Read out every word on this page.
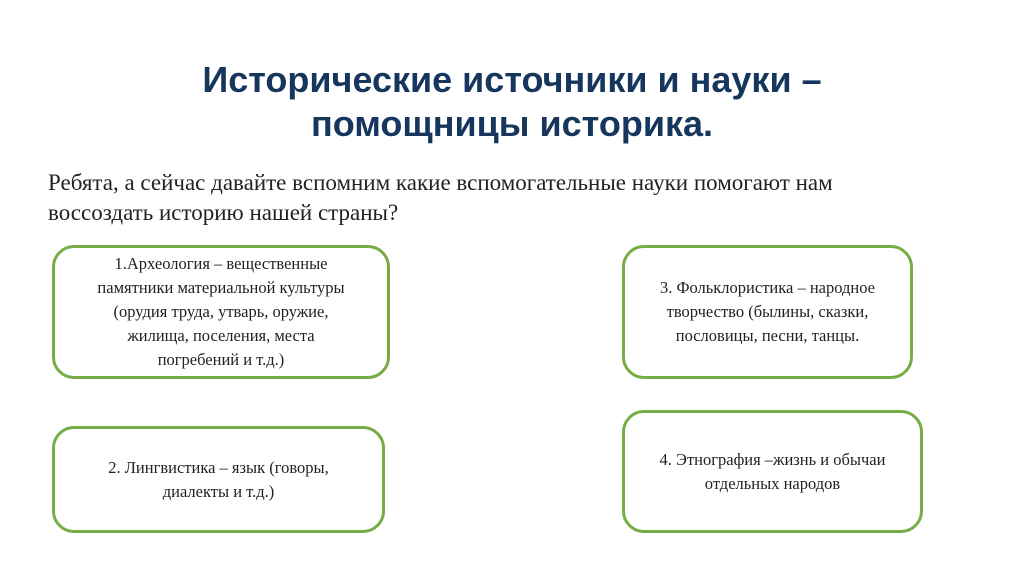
Исторические источники и науки –
помощницы историка.
Ребята, а сейчас давайте вспомним какие вспомогательные науки помогают нам
воссоздать историю нашей страны?
1.Археология – вещественные
памятники материальной культуры
(орудия труда, утварь, оружие,
жилища, поселения, места
погребений и т.д.)
2. Лингвистика – язык (говоры,
диалекты и т.д.)
3. Фольклористика – народное
творчество (былины, сказки,
пословицы, песни, танцы.
4. Этнография –жизнь и обычаи
отдельных народов
